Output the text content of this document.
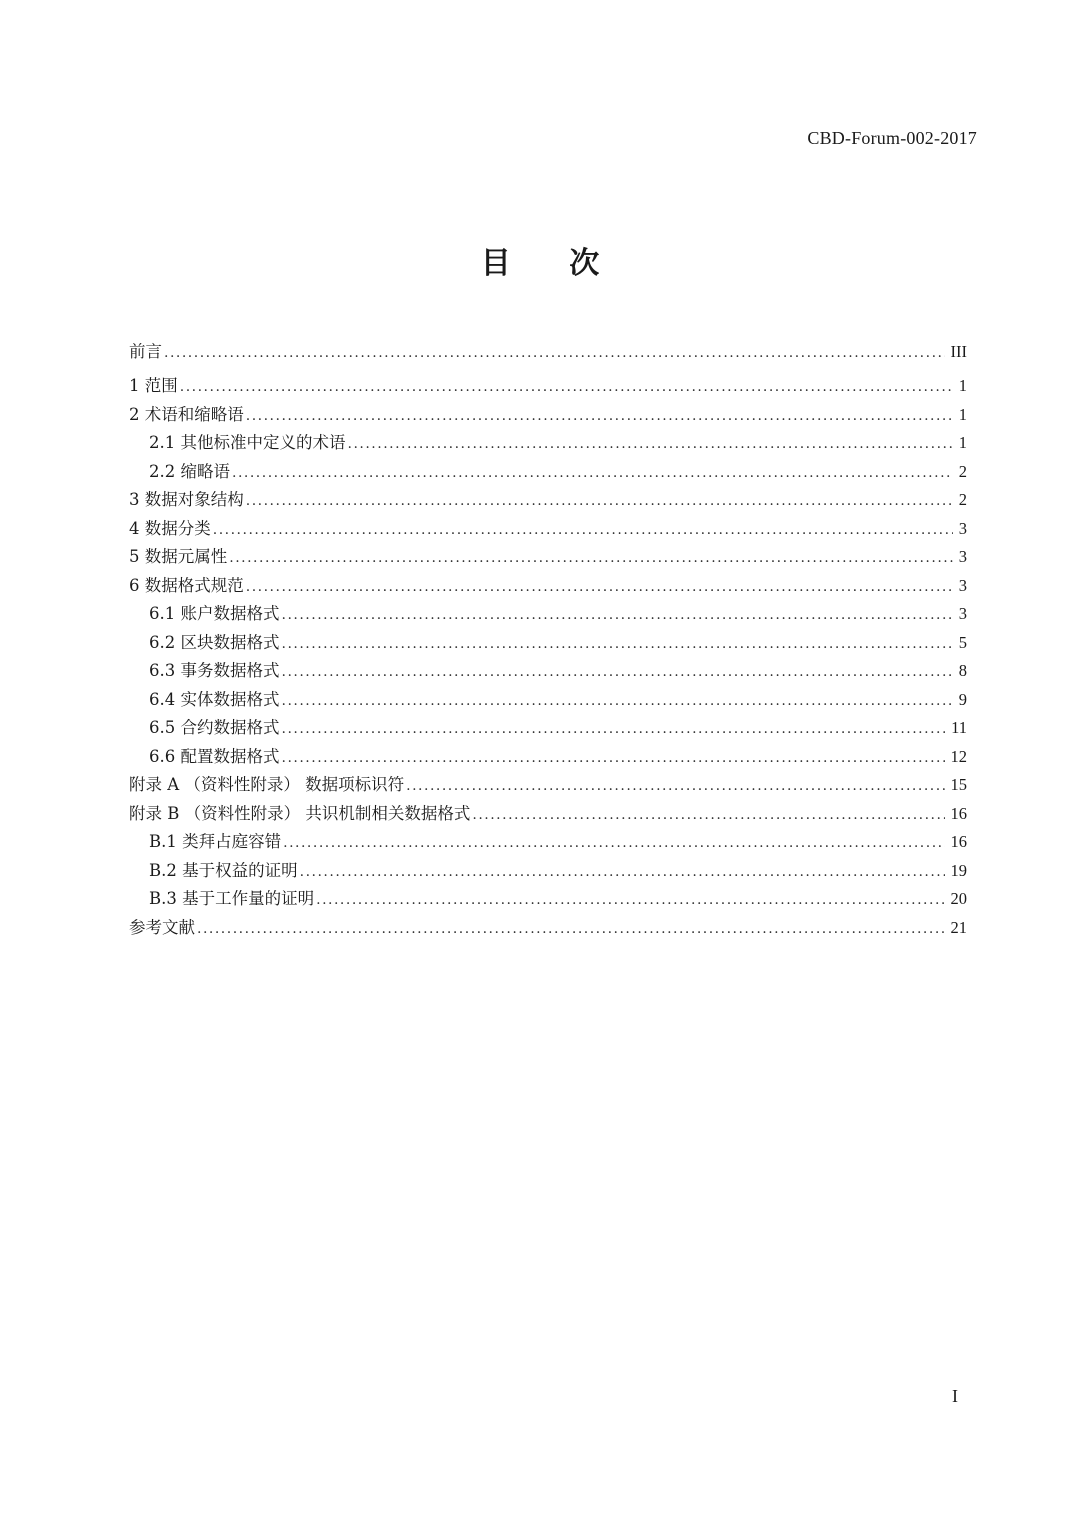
CBD-Forum-002-2017
目 次
前言 .....	III
1 范围 .....	1
2 术语和缩略语 .....	1
2.1 其他标准中定义的术语 .....	1
2.2 缩略语 .....	2
3 数据对象结构 .....	2
4 数据分类 .....	3
5 数据元属性 .....	3
6 数据格式规范 .....	3
6.1 账户数据格式 .....	3
6.2 区块数据格式 .....	5
6.3 事务数据格式 .....	8
6.4 实体数据格式 .....	9
6.5 合约数据格式 .....	11
6.6 配置数据格式 .....	12
附录 A （资料性附录） 数据项标识符 .....	15
附录 B （资料性附录） 共识机制相关数据格式 .....	16
B.1 类拜占庭容错 .....	16
B.2 基于权益的证明 .....	19
B.3 基于工作量的证明 .....	20
参考文献 .....	21
I
